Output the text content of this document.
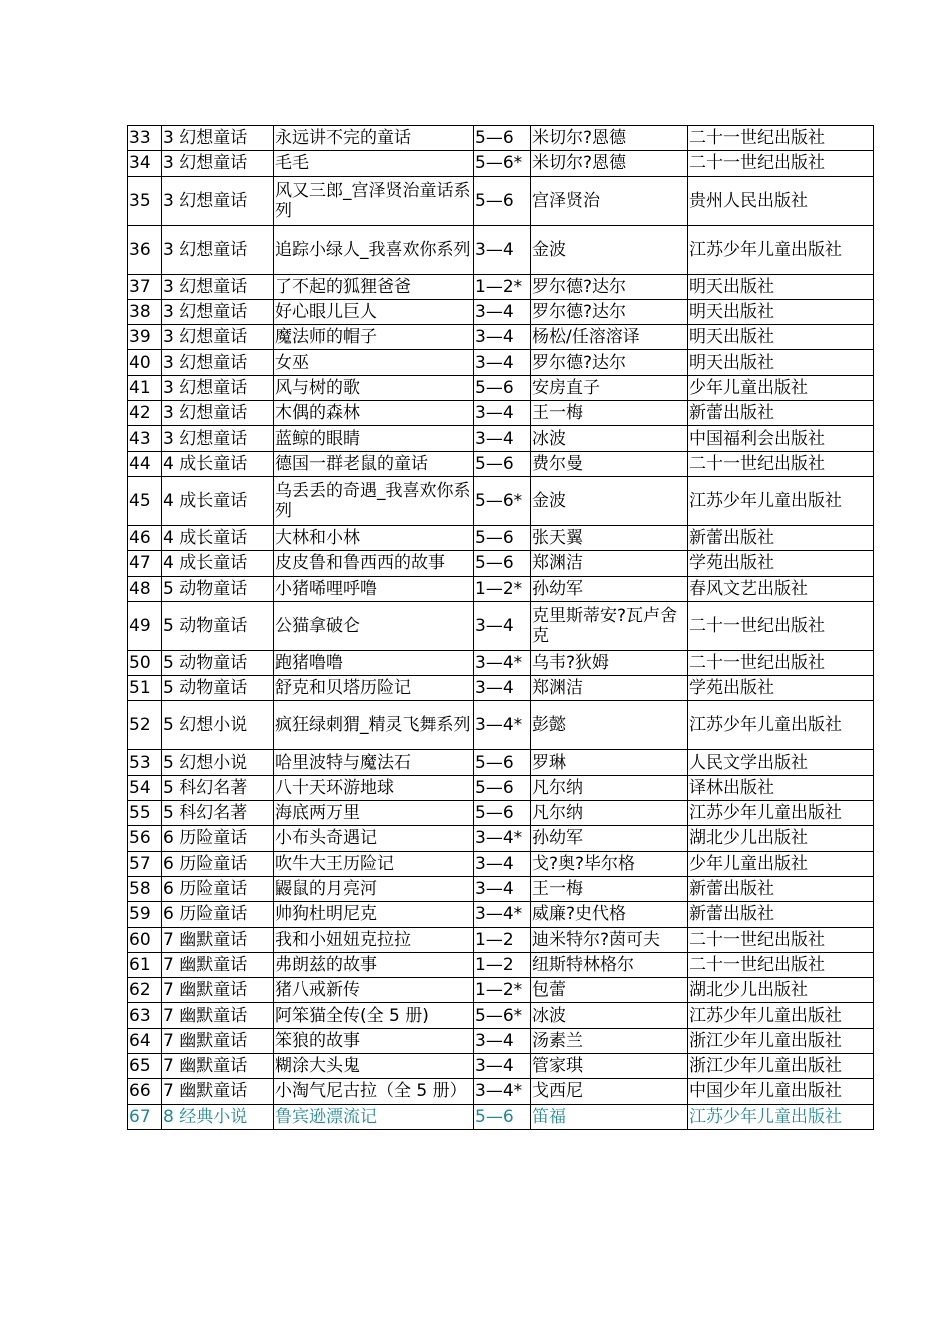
33	3 幻想童话	永远讲不完的童话	5—6	米切尔?恩德	二十一世纪出版社
34	3 幻想童话	毛毛	5—6*	米切尔?恩德	二十一世纪出版社
35	3 幻想童话	风又三郎_宫泽贤治童话系列	5—6	宫泽贤治	贵州人民出版社
36	3 幻想童话	追踪小绿人_我喜欢你系列	3—4	金波	江苏少年儿童出版社
37	3 幻想童话	了不起的狐狸爸爸	1—2*	罗尔德?达尔	明天出版社
38	3 幻想童话	好心眼儿巨人	3—4	罗尔德?达尔	明天出版社
39	3 幻想童话	魔法师的帽子	3—4	杨松/任溶溶译	明天出版社
40	3 幻想童话	女巫	3—4	罗尔德?达尔	明天出版社
41	3 幻想童话	风与树的歌	5—6	安房直子	少年儿童出版社
42	3 幻想童话	木偶的森林	3—4	王一梅	新蕾出版社
43	3 幻想童话	蓝鲸的眼睛	3—4	冰波	中国福利会出版社
44	4 成长童话	德国一群老鼠的童话	5—6	费尔曼	二十一世纪出版社
45	4 成长童话	乌丢丢的奇遇_我喜欢你系列	5—6*	金波	江苏少年儿童出版社
46	4 成长童话	大林和小林	5—6	张天翼	新蕾出版社
47	4 成长童话	皮皮鲁和鲁西西的故事	5—6	郑渊洁	学苑出版社
48	5 动物童话	小猪唏哩呼噜	1—2*	孙幼军	春风文艺出版社
49	5 动物童话	公猫拿破仑	3—4	克里斯蒂安?瓦卢舍克	二十一世纪出版社
50	5 动物童话	跑猪噜噜	3—4*	乌韦?狄姆	二十一世纪出版社
51	5 动物童话	舒克和贝塔历险记	3—4	郑渊洁	学苑出版社
52	5 幻想小说	疯狂绿刺猬_精灵飞舞系列	3—4*	彭懿	江苏少年儿童出版社
53	5 幻想小说	哈里波特与魔法石	5—6	罗琳	人民文学出版社
54	5 科幻名著	八十天环游地球	5—6	凡尔纳	译林出版社
55	5 科幻名著	海底两万里	5—6	凡尔纳	江苏少年儿童出版社
56	6 历险童话	小布头奇遇记	3—4*	孙幼军	湖北少儿出版社
57	6 历险童话	吹牛大王历险记	3—4	戈?奥?毕尔格	少年儿童出版社
58	6 历险童话	鼹鼠的月亮河	3—4	王一梅	新蕾出版社
59	6 历险童话	帅狗杜明尼克	3—4*	威廉?史代格	新蕾出版社
60	7 幽默童话	我和小妞妞克拉拉	1—2	迪米特尔?茵可夫	二十一世纪出版社
61	7 幽默童话	弗朗兹的故事	1—2	纽斯特林格尔	二十一世纪出版社
62	7 幽默童话	猪八戒新传	1—2*	包蕾	湖北少儿出版社
63	7 幽默童话	阿笨猫全传(全 5 册)	5—6*	冰波	江苏少年儿童出版社
64	7 幽默童话	笨狼的故事	3—4	汤素兰	浙江少年儿童出版社
65	7 幽默童话	糊涂大头鬼	3—4	管家琪	浙江少年儿童出版社
66	7 幽默童话	小淘气尼古拉（全 5 册）	3—4*	戈西尼	中国少年儿童出版社
67	8 经典小说	鲁宾逊漂流记	5—6	笛福	江苏少年儿童出版社
